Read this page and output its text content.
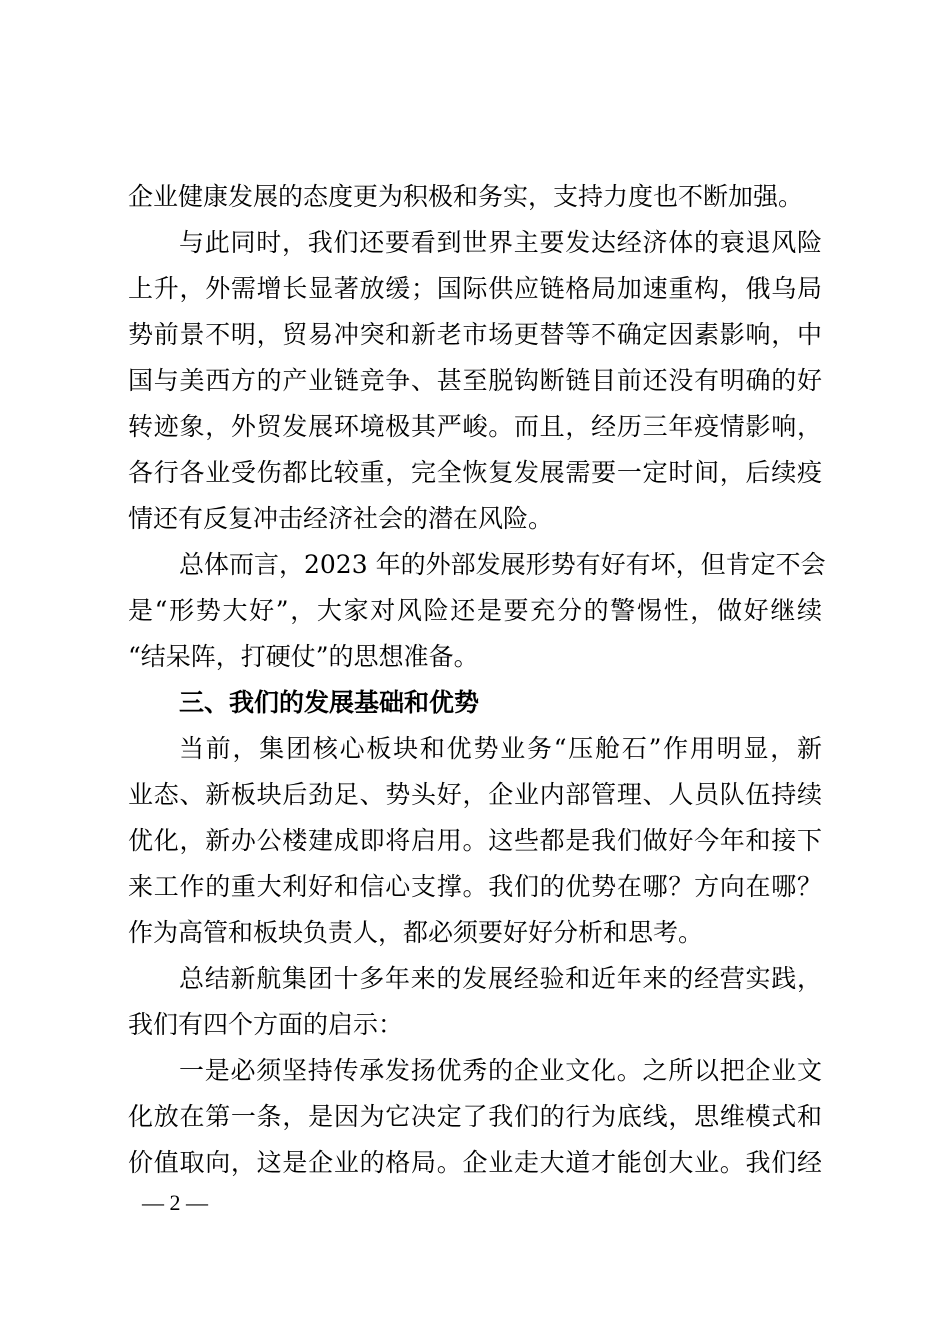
企业健康发展的态度更为积极和务实，支持力度也不断加强。
与此同时，我们还要看到世界主要发达经济体的衰退风险
上升，外需增长显著放缓；国际供应链格局加速重构，俄乌局
势前景不明，贸易冲突和新老市场更替等不确定因素影响，中
国与美西方的产业链竞争、甚至脱钩断链目前还没有明确的好
转迹象，外贸发展环境极其严峻。而且，经历三年疫情影响，
各行各业受伤都比较重，完全恢复发展需要一定时间，后续疫
情还有反复冲击经济社会的潜在风险。
总体而言，2023 年的外部发展形势有好有坏，但肯定不会
是“形势大好”，大家对风险还是要充分的警惕性，做好继续
“结呆阵，打硬仗”的思想准备。
三、我们的发展基础和优势
当前，集团核心板块和优势业务“压舱石”作用明显，新
业态、新板块后劲足、势头好，企业内部管理、人员队伍持续
优化，新办公楼建成即将启用。这些都是我们做好今年和接下
来工作的重大利好和信心支撑。我们的优势在哪？方向在哪？
作为高管和板块负责人，都必须要好好分析和思考。
总结新航集团十多年来的发展经验和近年来的经营实践，
我们有四个方面的启示：
一是必须坚持传承发扬优秀的企业文化。之所以把企业文
化放在第一条，是因为它决定了我们的行为底线，思维模式和
价值取向，这是企业的格局。企业走大道才能创大业。我们经
— 2 —
